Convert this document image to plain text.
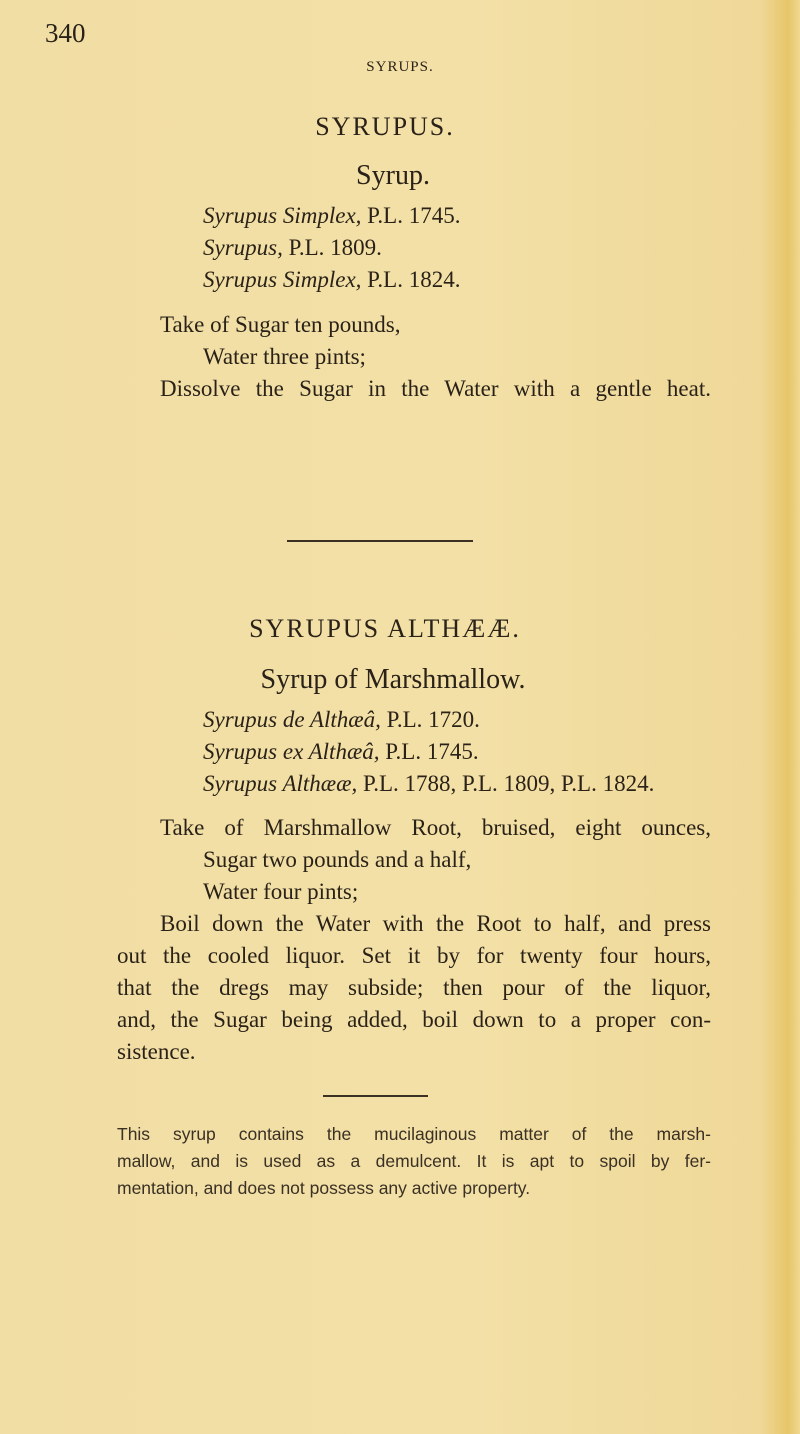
340
SYRUPS.
SYRUPUS.
Syrup.
Syrupus Simplex, P.L. 1745.
Syrupus, P.L. 1809.
Syrupus Simplex, P.L. 1824.
Take of Sugar ten pounds,
Water three pints;
Dissolve the Sugar in the Water with a gentle heat.
SYRUPUS ALTHÆÆ.
Syrup of Marshmallow.
Syrupus de Althæâ, P.L. 1720.
Syrupus ex Althæâ, P.L. 1745.
Syrupus Althææ, P.L. 1788, P.L. 1809, P.L. 1824.
Take of Marshmallow Root, bruised, eight ounces,
Sugar two pounds and a half,
Water four pints;
Boil down the Water with the Root to half, and press
out the cooled liquor. Set it by for twenty four hours,
that the dregs may subside; then pour of the liquor,
and, the Sugar being added, boil down to a proper con-
sistence.
This syrup contains the mucilaginous matter of the marsh-
mallow, and is used as a demulcent. It is apt to spoil by fer-
mentation, and does not possess any active property.
